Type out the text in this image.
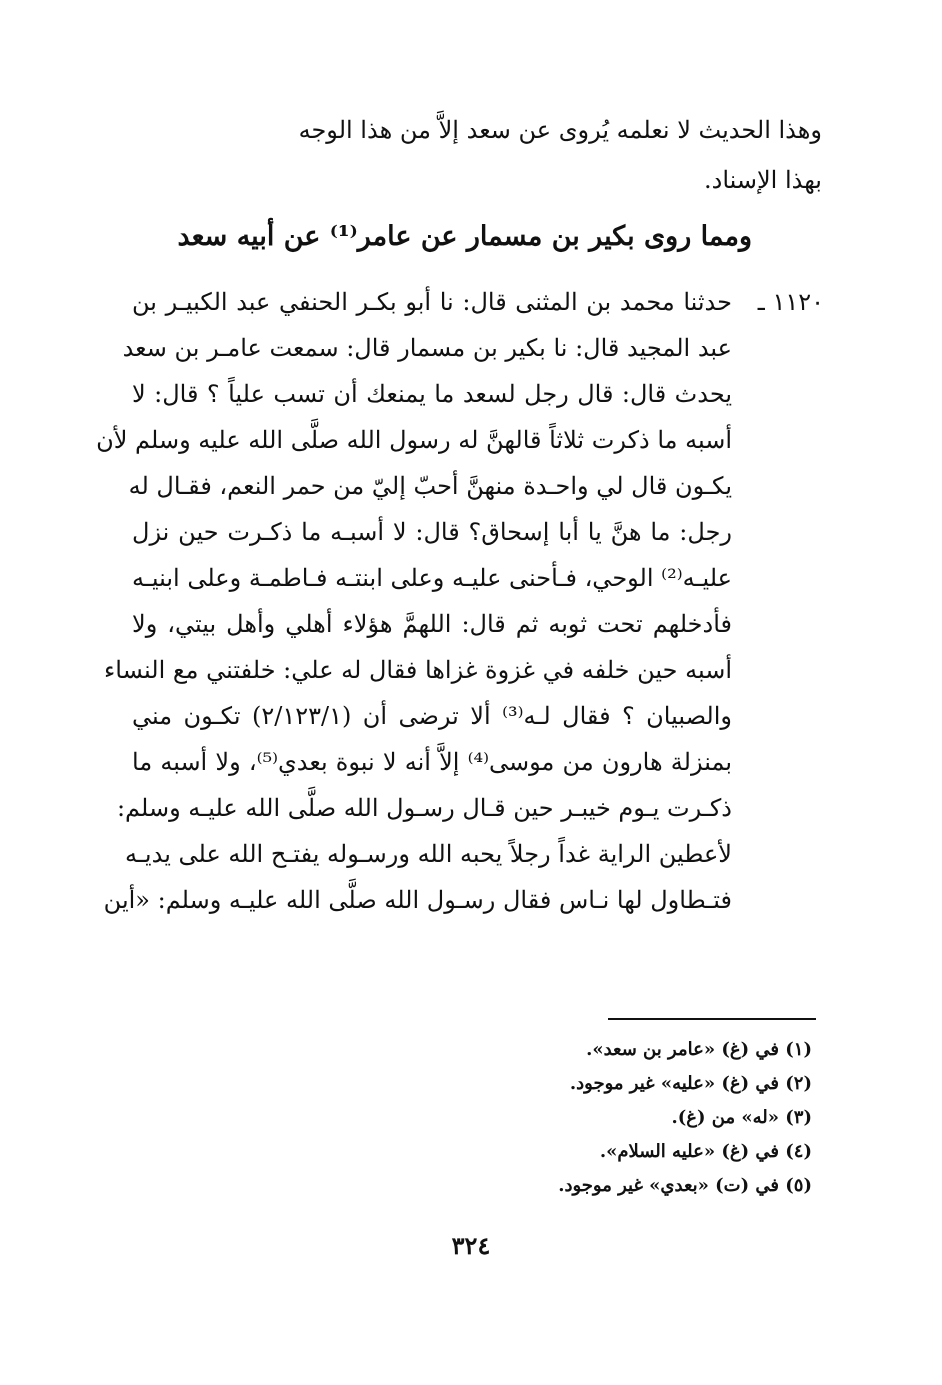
وهذا الحديث لا نعلمه يُروى عن سعد إلاَّ من هذا الوجه
بهذا الإسناد.
ومما روى بكير بن مسمار عن عامر⁽¹⁾ عن أبيه سعد
١١٢٠ ـ
حدثنا محمد بن المثنى قال: نا أبو بكـر الحنفي عبد الكبيـر بن
عبد المجيد قال: نا بكير بن مسمار قال: سمعت عامـر بن سعد
يحدث قال: قال رجل لسعد ما يمنعك أن تسب علياً ؟ قال: لا
أسبه ما ذكرت ثلاثاً قالهنَّ له رسول الله صلَّى الله عليه وسلم لأن
يكـون قال لي واحـدة منهنَّ أحبّ إليّ من حمر النعم، فقـال له
رجل: ما هنَّ يا أبا إسحاق؟ قال: لا أسبـه ما ذكـرت حين نزل
عليـه⁽²⁾ الوحي، فـأحنى عليـه وعلى ابنتـه فـاطمـة وعلى ابنيـه
فأدخلهم تحت ثوبه ثم قال: اللهمَّ هؤلاء أهلي وأهل بيتي، ولا
أسبه حين خلفه في غزوة غزاها فقال له علي: خلفتني مع النساء
والصبيان ؟ فقال لـه⁽³⁾ ألا ترضى أن (٢/١٢٣/١) تكـون مني
بمنزلة هارون من موسى⁽⁴⁾ إلاَّ أنه لا نبوة بعدي⁽⁵⁾، ولا أسبه ما
ذكـرت يـوم خيبـر حين قـال رسـول الله صلَّى الله عليـه وسلم:
لأعطين الراية غداً رجلاً يحبه الله ورسـوله يفتـح الله على يديـه
فتـطاول لها نـاس فقال رسـول الله صلَّى الله عليـه وسلم: «أين
(١) في (غ) «عامر بن سعد».
(٢) في (غ) «عليه» غير موجود.
(٣) «له» من (غ).
(٤) في (غ) «عليه السلام».
(٥) في (ت) «بعدي» غير موجود.
٣٢٤
